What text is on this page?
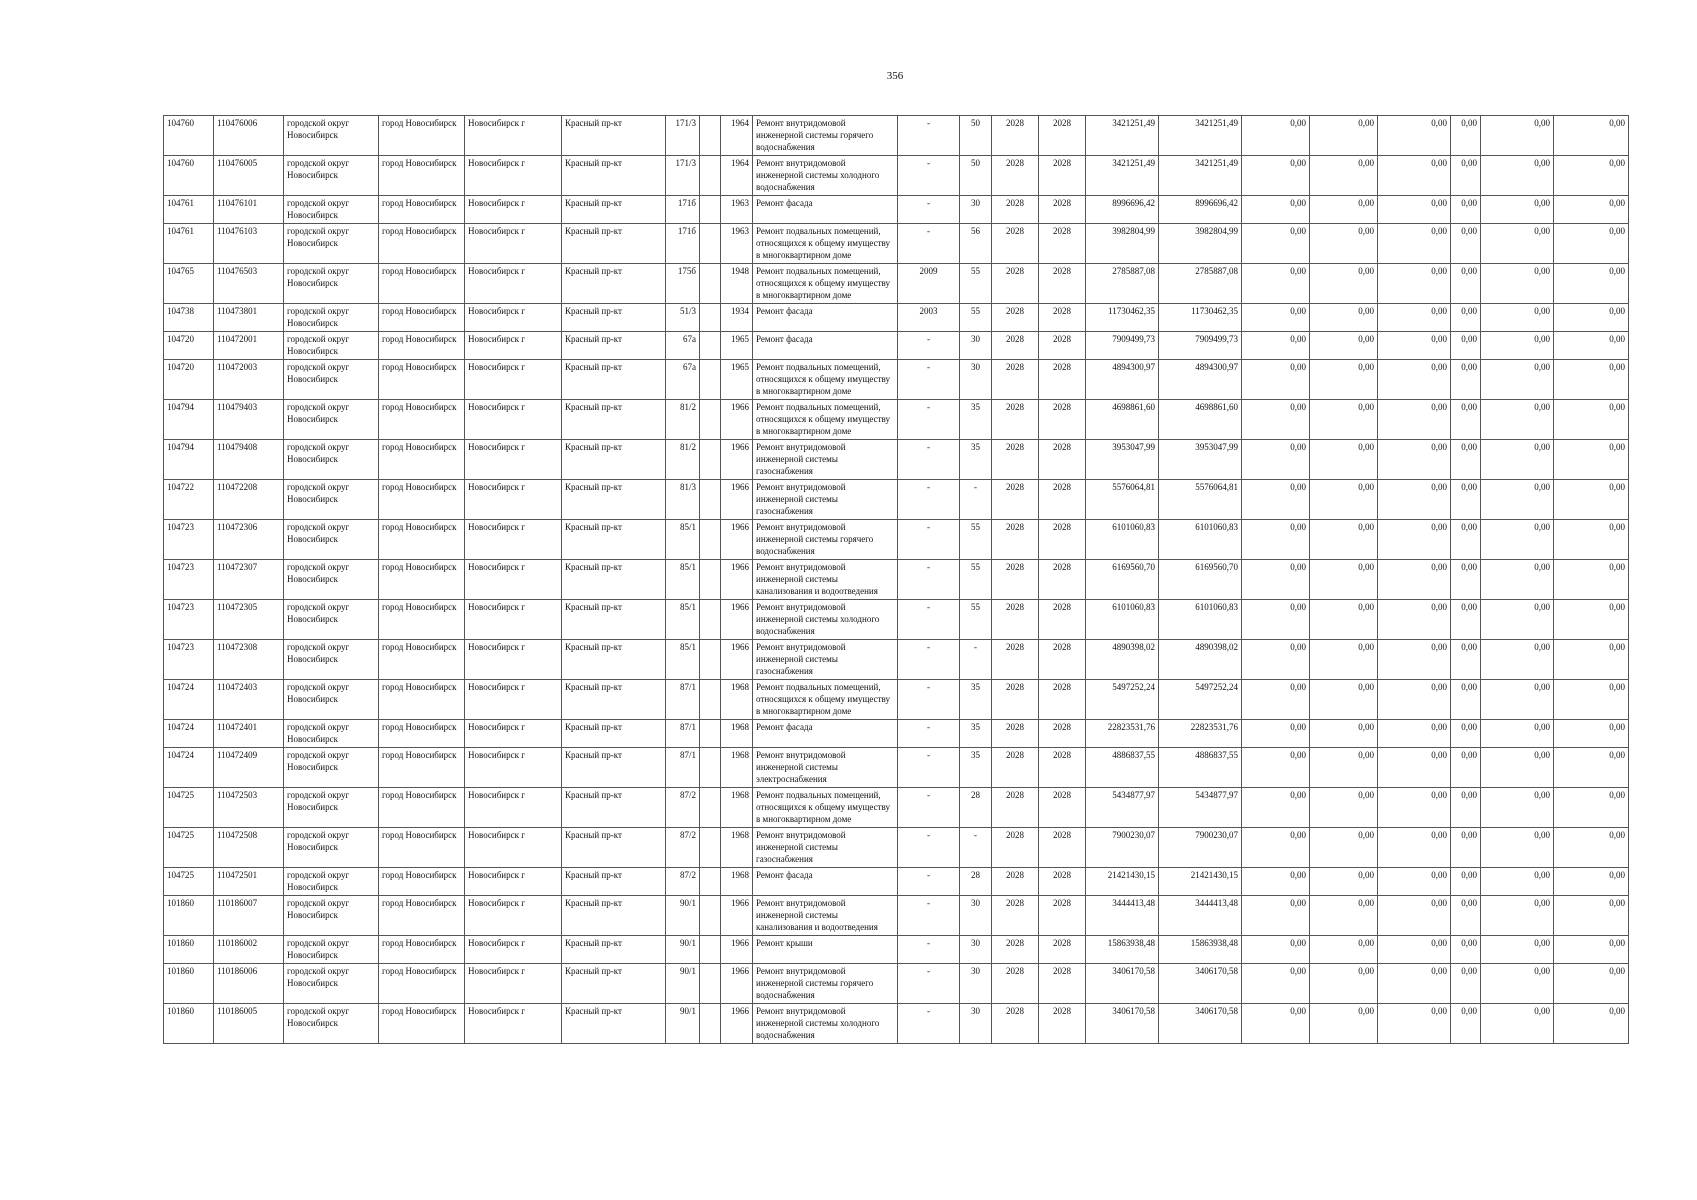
356
104760	110476006	городской округ Новосибирск	город Новосибирск	Новосибирск г	Красный пр-кт	171/3		1964	Ремонт внутридомовой инженерной системы горячего водоснабжения	-	50	2028	2028	3421251,49	3421251,49	0,00	0,00	0,00	0,00	0,00	0,00
104760	110476005	городской округ Новосибирск	город Новосибирск	Новосибирск г	Красный пр-кт	171/3		1964	Ремонт внутридомовой инженерной системы холодного водоснабжения	-	50	2028	2028	3421251,49	3421251,49	0,00	0,00	0,00	0,00	0,00	0,00
104761	110476101	городской округ Новосибирск	город Новосибирск	Новосибирск г	Красный пр-кт	171б		1963	Ремонт фасада	-	30	2028	2028	8996696,42	8996696,42	0,00	0,00	0,00	0,00	0,00	0,00
104761	110476103	городской округ Новосибирск	город Новосибирск	Новосибирск г	Красный пр-кт	171б		1963	Ремонт подвальных помещений, относящихся к общему имуществу в многоквартирном доме	-	56	2028	2028	3982804,99	3982804,99	0,00	0,00	0,00	0,00	0,00	0,00
104765	110476503	городской округ Новосибирск	город Новосибирск	Новосибирск г	Красный пр-кт	175б		1948	Ремонт подвальных помещений, относящихся к общему имуществу в многоквартирном доме	2009	55	2028	2028	2785887,08	2785887,08	0,00	0,00	0,00	0,00	0,00	0,00
104738	110473801	городской округ Новосибирск	город Новосибирск	Новосибирск г	Красный пр-кт	51/3		1934	Ремонт фасада	2003	55	2028	2028	11730462,35	11730462,35	0,00	0,00	0,00	0,00	0,00	0,00
104720	110472001	городской округ Новосибирск	город Новосибирск	Новосибирск г	Красный пр-кт	67а		1965	Ремонт фасада	-	30	2028	2028	7909499,73	7909499,73	0,00	0,00	0,00	0,00	0,00	0,00
104720	110472003	городской округ Новосибирск	город Новосибирск	Новосибирск г	Красный пр-кт	67а		1965	Ремонт подвальных помещений, относящихся к общему имуществу в многоквартирном доме	-	30	2028	2028	4894300,97	4894300,97	0,00	0,00	0,00	0,00	0,00	0,00
104794	110479403	городской округ Новосибирск	город Новосибирск	Новосибирск г	Красный пр-кт	81/2		1966	Ремонт подвальных помещений, относящихся к общему имуществу в многоквартирном доме	-	35	2028	2028	4698861,60	4698861,60	0,00	0,00	0,00	0,00	0,00	0,00
104794	110479408	городской округ Новосибирск	город Новосибирск	Новосибирск г	Красный пр-кт	81/2		1966	Ремонт внутридомовой инженерной системы газоснабжения	-	35	2028	2028	3953047,99	3953047,99	0,00	0,00	0,00	0,00	0,00	0,00
104722	110472208	городской округ Новосибирск	город Новосибирск	Новосибирск г	Красный пр-кт	81/3		1966	Ремонт внутридомовой инженерной системы газоснабжения	-	-	2028	2028	5576064,81	5576064,81	0,00	0,00	0,00	0,00	0,00	0,00
104723	110472306	городской округ Новосибирск	город Новосибирск	Новосибирск г	Красный пр-кт	85/1		1966	Ремонт внутридомовой инженерной системы горячего водоснабжения	-	55	2028	2028	6101060,83	6101060,83	0,00	0,00	0,00	0,00	0,00	0,00
104723	110472307	городской округ Новосибирск	город Новосибирск	Новосибирск г	Красный пр-кт	85/1		1966	Ремонт внутридомовой инженерной системы канализования и водоотведения	-	55	2028	2028	6169560,70	6169560,70	0,00	0,00	0,00	0,00	0,00	0,00
104723	110472305	городской округ Новосибирск	город Новосибирск	Новосибирск г	Красный пр-кт	85/1		1966	Ремонт внутридомовой инженерной системы холодного водоснабжения	-	55	2028	2028	6101060,83	6101060,83	0,00	0,00	0,00	0,00	0,00	0,00
104723	110472308	городской округ Новосибирск	город Новосибирск	Новосибирск г	Красный пр-кт	85/1		1966	Ремонт внутридомовой инженерной системы газоснабжения	-	-	2028	2028	4890398,02	4890398,02	0,00	0,00	0,00	0,00	0,00	0,00
104724	110472403	городской округ Новосибирск	город Новосибирск	Новосибирск г	Красный пр-кт	87/1		1968	Ремонт подвальных помещений, относящихся к общему имуществу в многоквартирном доме	-	35	2028	2028	5497252,24	5497252,24	0,00	0,00	0,00	0,00	0,00	0,00
104724	110472401	городской округ Новосибирск	город Новосибирск	Новосибирск г	Красный пр-кт	87/1		1968	Ремонт фасада	-	35	2028	2028	22823531,76	22823531,76	0,00	0,00	0,00	0,00	0,00	0,00
104724	110472409	городской округ Новосибирск	город Новосибирск	Новосибирск г	Красный пр-кт	87/1		1968	Ремонт внутридомовой инженерной системы электроснабжения	-	35	2028	2028	4886837,55	4886837,55	0,00	0,00	0,00	0,00	0,00	0,00
104725	110472503	городской округ Новосибирск	город Новосибирск	Новосибирск г	Красный пр-кт	87/2		1968	Ремонт подвальных помещений, относящихся к общему имуществу в многоквартирном доме	-	28	2028	2028	5434877,97	5434877,97	0,00	0,00	0,00	0,00	0,00	0,00
104725	110472508	городской округ Новосибирск	город Новосибирск	Новосибирск г	Красный пр-кт	87/2		1968	Ремонт внутридомовой инженерной системы газоснабжения	-	-	2028	2028	7900230,07	7900230,07	0,00	0,00	0,00	0,00	0,00	0,00
104725	110472501	городской округ Новосибирск	город Новосибирск	Новосибирск г	Красный пр-кт	87/2		1968	Ремонт фасада	-	28	2028	2028	21421430,15	21421430,15	0,00	0,00	0,00	0,00	0,00	0,00
101860	110186007	городской округ Новосибирск	город Новосибирск	Новосибирск г	Красный пр-кт	90/1		1966	Ремонт внутридомовой инженерной системы канализования и водоотведения	-	30	2028	2028	3444413,48	3444413,48	0,00	0,00	0,00	0,00	0,00	0,00
101860	110186002	городской округ Новосибирск	город Новосибирск	Новосибирск г	Красный пр-кт	90/1		1966	Ремонт крыши	-	30	2028	2028	15863938,48	15863938,48	0,00	0,00	0,00	0,00	0,00	0,00
101860	110186006	городской округ Новосибирск	город Новосибирск	Новосибирск г	Красный пр-кт	90/1		1966	Ремонт внутридомовой инженерной системы горячего водоснабжения	-	30	2028	2028	3406170,58	3406170,58	0,00	0,00	0,00	0,00	0,00	0,00
101860	110186005	городской округ Новосибирск	город Новосибирск	Новосибирск г	Красный пр-кт	90/1		1966	Ремонт внутридомовой инженерной системы холодного водоснабжения	-	30	2028	2028	3406170,58	3406170,58	0,00	0,00	0,00	0,00	0,00	0,00
